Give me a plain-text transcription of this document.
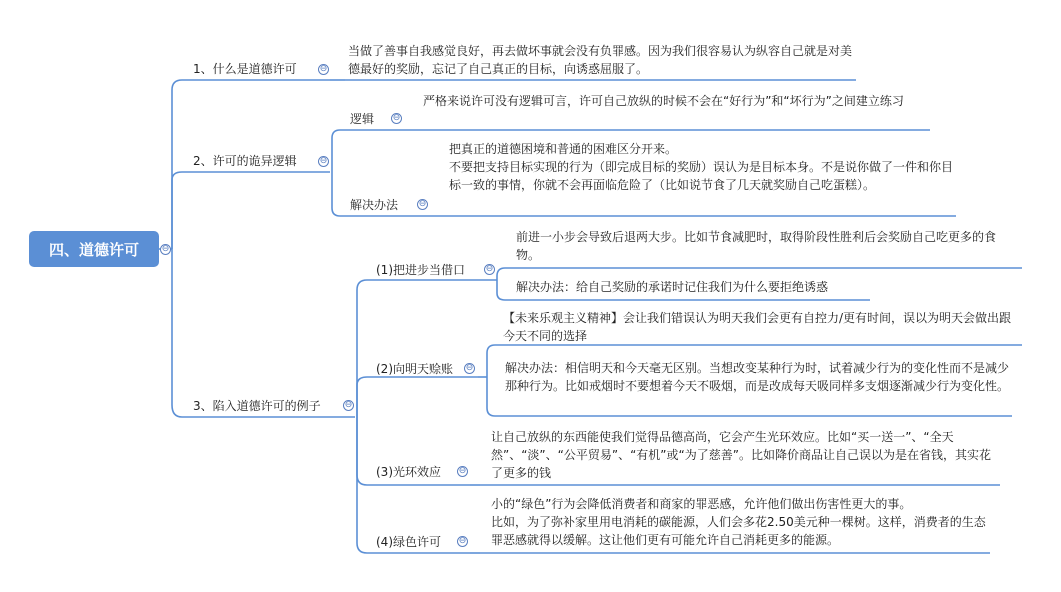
四、道德许可	⊖
1、什么是道德许可	⊖
当做了善事自我感觉良好，再去做坏事就会没有负罪感。因为我们很容易认为纵容自己就是对美德最好的奖励，忘记了自己真正的目标，向诱惑屈服了。
2、许可的诡异逻辑	⊖
逻辑 ⊖
严格来说许可没有逻辑可言，许可自己放纵的时候不会在“好行为”和“坏行为”之间建立练习
解决办法 ⊖
把真正的道德困境和普通的困难区分开来。
不要把支持目标实现的行为（即完成目标的奖励）误认为是目标本身。不是说你做了一件和你目标一致的事情，你就不会再面临危险了（比如说节食了几天就奖励自己吃蛋糕）。
3、陷入道德许可的例子	⊖
(1)把进步当借口 ⊖
前进一小步会导致后退两大步。比如节食减肥时，取得阶段性胜利后会奖励自己吃更多的食物。
解决办法：给自己奖励的承诺时记住我们为什么要拒绝诱惑
(2)向明天赊账 ⊖
【未来乐观主义精神】会让我们错误认为明天我们会更有自控力/更有时间，误以为明天会做出跟今天不同的选择
解决办法：相信明天和今天毫无区别。当想改变某种行为时，试着减少行为的变化性而不是减少那种行为。比如戒烟时不要想着今天不吸烟，而是改成每天吸同样多支烟逐渐减少行为变化性。
(3)光环效应 ⊖
让自己放纵的东西能使我们觉得品德高尚，它会产生光环效应。比如“买一送一”、“全天然”、“淡”、“公平贸易”、“有机”或“为了慈善”。比如降价商品让自己误以为是在省钱，其实花了更多的钱
(4)绿色许可 ⊖
小的“绿色”行为会降低消费者和商家的罪恶感，允许他们做出伤害性更大的事。
比如，为了弥补家里用电消耗的碳能源，人们会多花2.50美元种一棵树。这样，消费者的生态罪恶感就得以缓解。这让他们更有可能允许自己消耗更多的能源。
